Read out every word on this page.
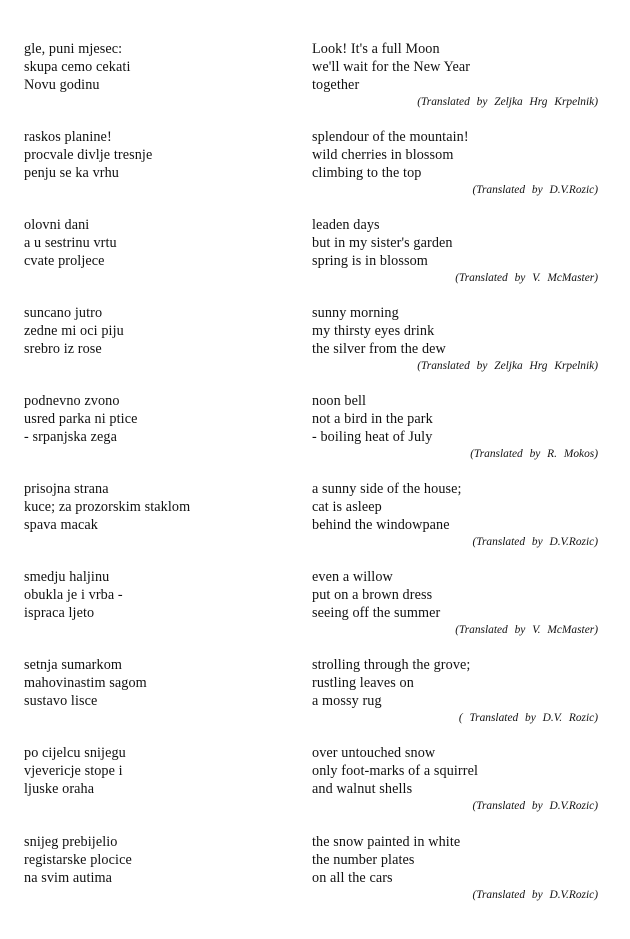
gle, puni mjesec:
skupa cemo cekati
Novu godinu
Look! It's a full Moon
we'll wait for the New Year
together
(Translated by Zeljka Hrg Krpelnik)
raskos planine!
procvale divlje tresnje
penju se ka vrhu
splendour of the mountain!
wild cherries in blossom
climbing to the top
(Translated by D.V.Rozic)
olovni dani
a u sestrinu vrtu
cvate proljece
leaden days
but in my sister's garden
spring is in blossom
(Translated by V. McMaster)
suncano jutro
zedne mi oci piju
srebro iz rose
sunny morning
my thirsty eyes drink
the silver from the dew
(Translated by Zeljka Hrg Krpelnik)
podnevno zvono
usred parka ni ptice
- srpanjska zega
noon bell
not a bird in the park
- boiling heat of July
(Translated by R. Mokos)
prisojna strana
kuce; za prozorskim staklom
spava macak
a sunny side of the house;
cat is asleep
behind the windowpane
(Translated by D.V.Rozic)
smedju haljinu
obukla je i vrba -
ispraca ljeto
even a willow
put on a brown dress
seeing off the summer
(Translated by V. McMaster)
setnja sumarkom
mahovinastim sagom
sustavo lisce
strolling through the grove;
rustling leaves on
a mossy rug
( Translated by D.V. Rozic)
po cijelcu snijegu
vjevericje stope i
ljuske oraha
over untouched snow
only foot-marks of a squirrel
and walnut shells
(Translated by D.V.Rozic)
snijeg prebijelio
registarske plocice
na svim autima
the snow painted in white
the number plates
on all the cars
(Translated by D.V.Rozic)
